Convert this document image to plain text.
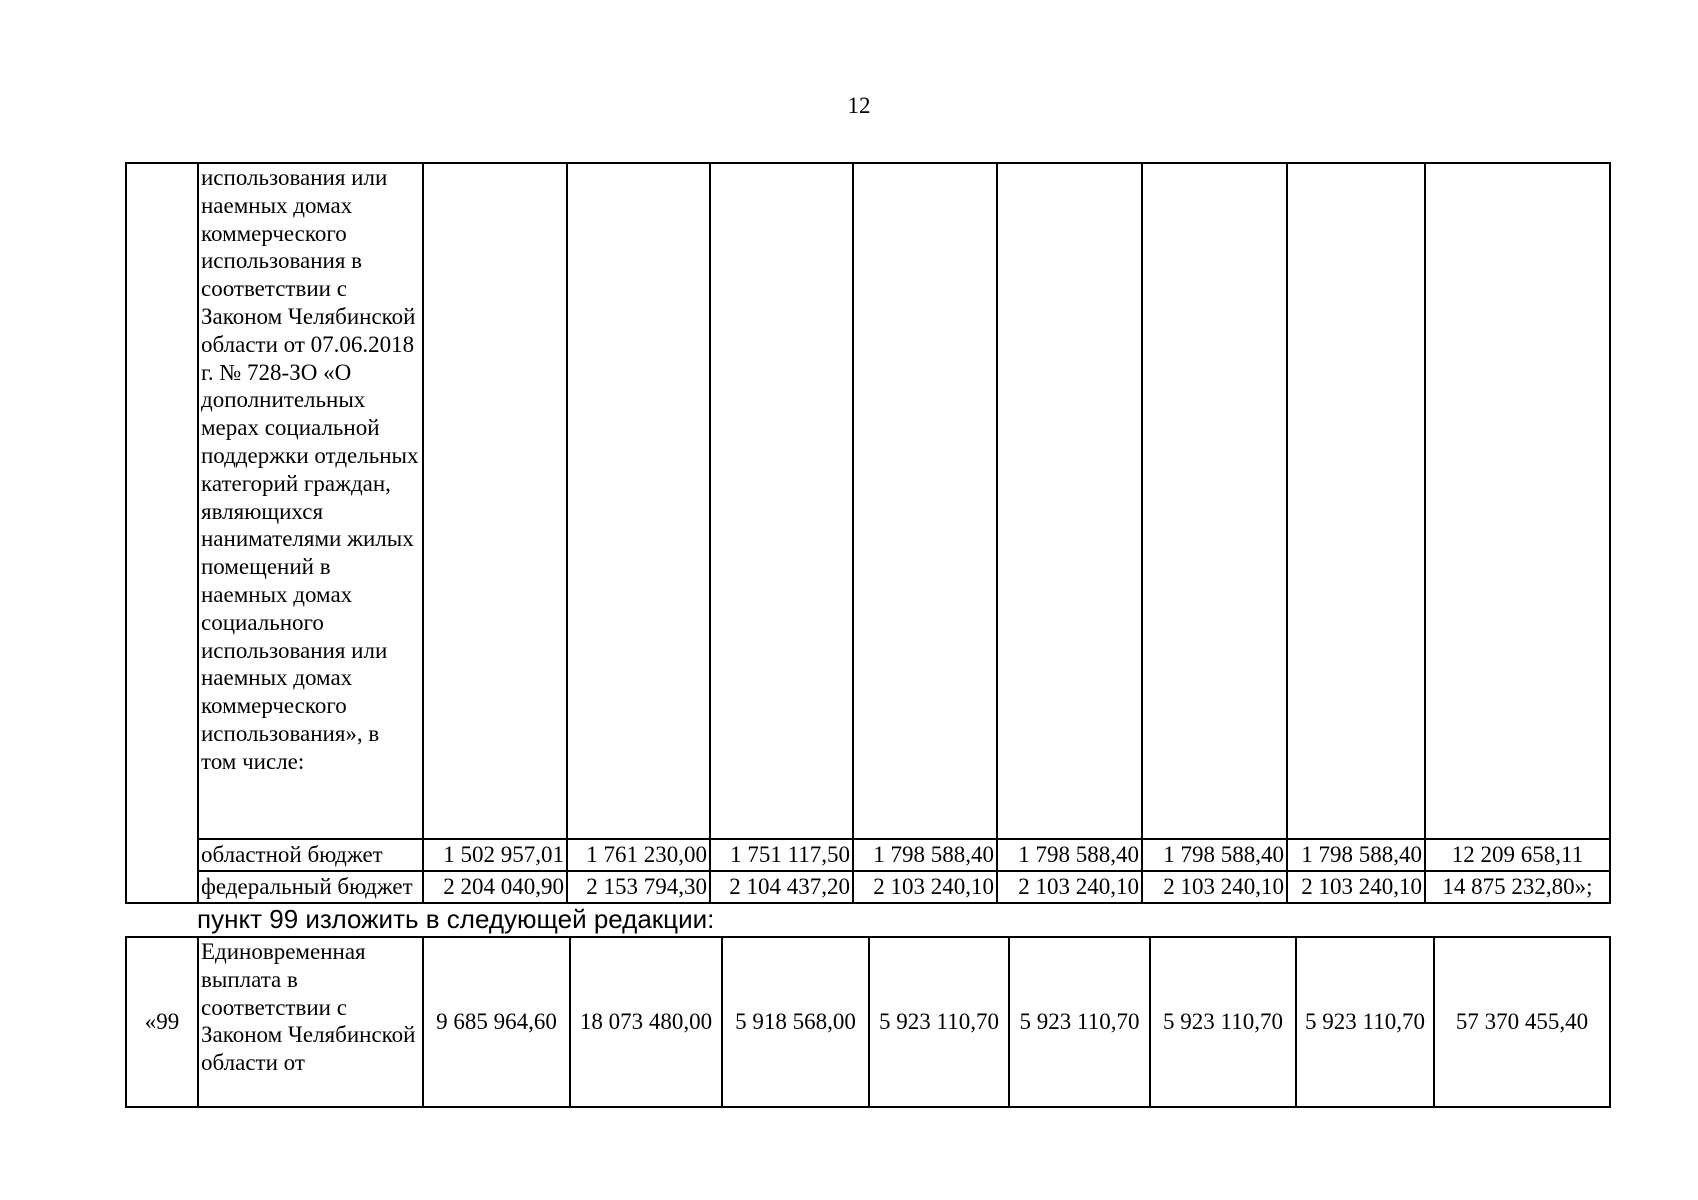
12
	использования или наемных домах коммерческого использования в соответствии с Законом Челябинской области от 07.06.2018 г. № 728-ЗО «О дополнительных мерах социальной поддержки отдельных категорий граждан, являющихся нанимателями жилых помещений в наемных домах социального использования или наемных домах коммерческого использования», в том числе:								
	областной бюджет	1 502 957,01	1 761 230,00	1 751 117,50	1 798 588,40	1 798 588,40	1 798 588,40	1 798 588,40	12 209 658,11
	федеральный бюджет	2 204 040,90	2 153 794,30	2 104 437,20	2 103 240,10	2 103 240,10	2 103 240,10	2 103 240,10	14 875 232,80»;
пункт 99 изложить в следующей редакции:
«99	Единовременная выплата в соответствии с Законом Челябинской области от	9 685 964,60	18 073 480,00	5 918 568,00	5 923 110,70	5 923 110,70	5 923 110,70	5 923 110,70	57 370 455,40
